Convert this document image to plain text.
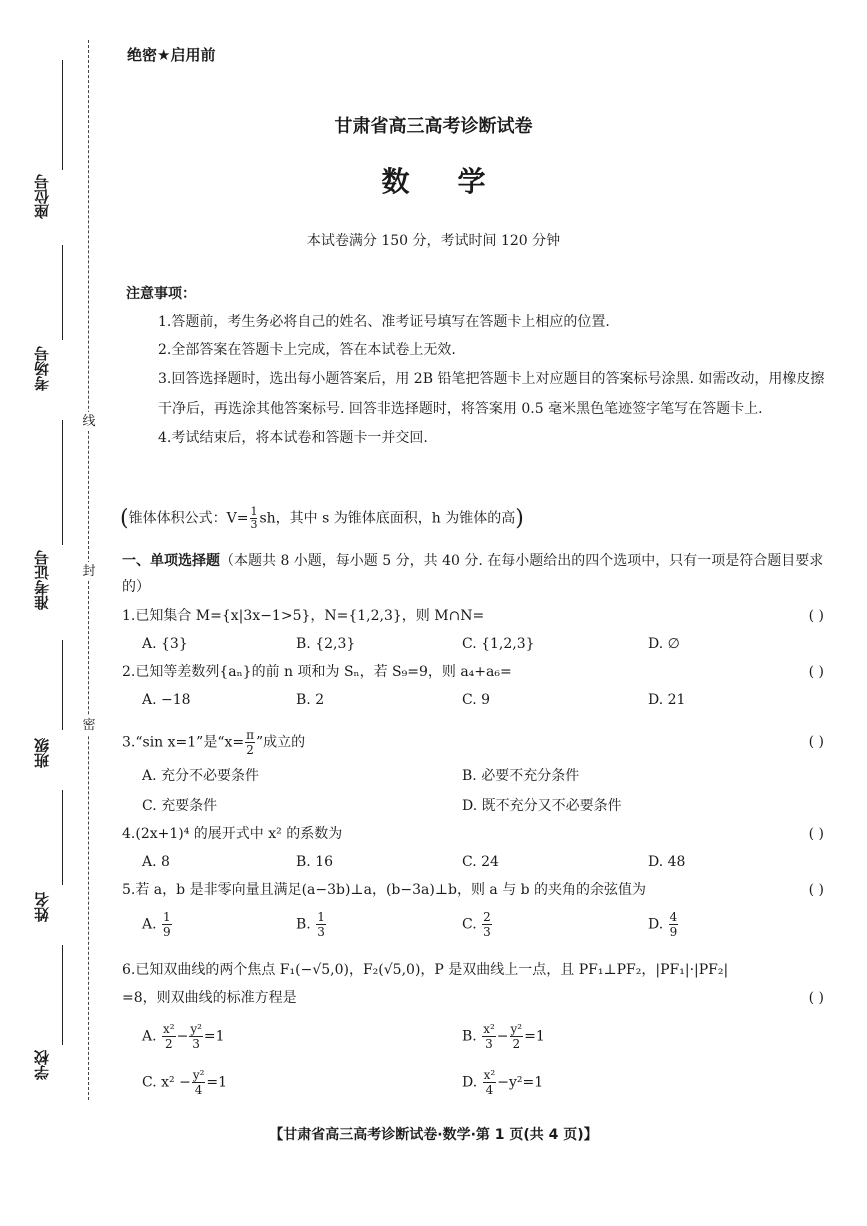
线
封
密
座位号
考场号
准考证号
班级
姓名
学校
绝密★启用前
甘肃省高三高考诊断试卷
数学
本试卷满分 150 分，考试时间 120 分钟
注意事项：
1.答题前，考生务必将自己的姓名、准考证号填写在答题卡上相应的位置.
2.全部答案在答题卡上完成，答在本试卷上无效.
3.回答选择题时，选出每小题答案后，用 2B 铅笔把答题卡上对应题目的答案标号涂黑. 如需改动，用橡皮擦干净后，再选涂其他答案标号. 回答非选择题时，将答案用 0.5 毫米黑色笔迹签字笔写在答题卡上.
4.考试结束后，将本试卷和答题卡一并交回.
(锥体体积公式：$V= \frac{1}{3}$ sh，其中 s 为锥体底面积，h 为锥体的高)
一、单项选择题（本题共 8 小题，每小题 5 分，共 40 分. 在每小题给出的四个选项中，只有一项是符合题目要求的）
1.已知集合 M={x|3x−1>5}，N={1,2,3}，则 M∩N=	( )
A. {3}	B. {2,3}	C. {1,2,3}	D. ∅
2.已知等差数列{aₙ}的前 n 项和为 Sₙ，若 S₉=9，则 a₄+a₆=	( )
A. −18	B. 2	C. 9	D. 21
3.“sin x=1”是“$x= \frac{\pi}{2}$ ”成立的	( )
A. 充分不必要条件	B. 必要不充分条件
C. 充要条件	D. 既不充分又不必要条件
4.(2x+1)⁴ 的展开式中 x² 的系数为	( )
A. 8	B. 16	C. 24	D. 48
5.若 a，b 是非零向量且满足(a−3b)⊥a，(b−3a)⊥b，则 a 与 b 的夹角的余弦值为	( )
A. $\frac{1}{9}$	B. $\frac{1}{3}$	C. $\frac{2}{3}$	D. $\frac{4}{9}$
6.已知双曲线的两个焦点 F₁(−√5,0)，F₂(√5,0)，P 是双曲线上一点，且 PF₁⊥PF₂，|PF₁|·|PF₂|
=8，则双曲线的标准方程是	( )
A. $\frac{\text{x²}}{2} - \frac{\text{y²}}{3} =1$	B. $\frac{\text{x²}}{3} - \frac{\text{y²}}{2} =1$
C. $x^2 - \frac{\text{y²}}{4} =1$	D. $\frac{\text{x²}}{4} -y^2=1$
【甘肃省高三高考诊断试卷·数学·第 1 页(共 4 页)】
